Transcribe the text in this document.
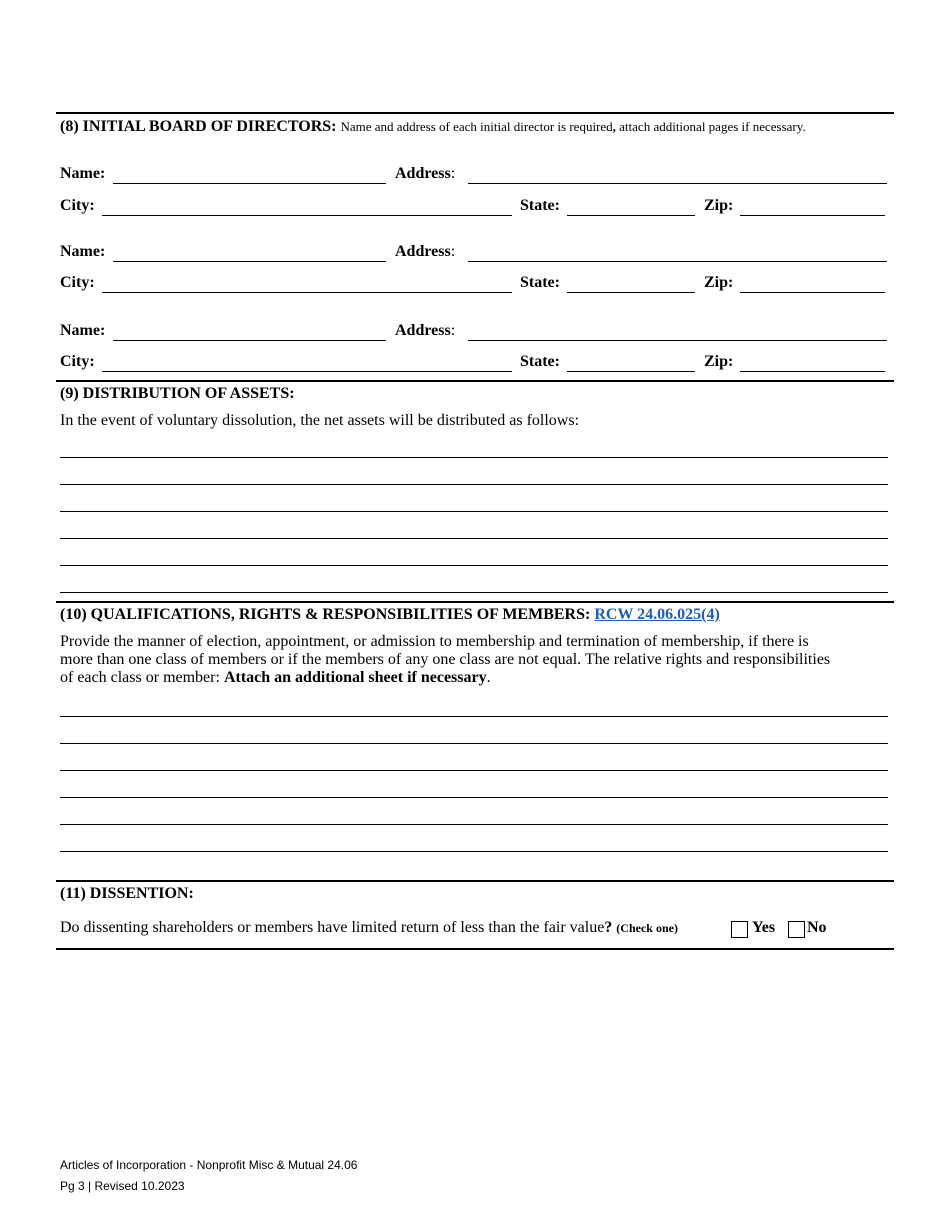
(8) INITIAL BOARD OF DIRECTORS: Name and address of each initial director is required, attach additional pages if necessary.
Name:	Address:
City:	State:	Zip:
Name:	Address:
City:	State:	Zip:
Name:	Address:
City:	State:	Zip:
(9) DISTRIBUTION OF ASSETS:
In the event of voluntary dissolution, the net assets will be distributed as follows:
(10) QUALIFICATIONS, RIGHTS & RESPONSIBILITIES OF MEMBERS: RCW 24.06.025(4)
Provide the manner of election, appointment, or admission to membership and termination of membership, if there is
more than one class of members or if the members of any one class are not equal. The relative rights and responsibilities
of each class or member: Attach an additional sheet if necessary.
(11) DISSENTION:
Do dissenting shareholders or members have limited return of less than the fair value? (Check one)	Yes No
Articles of Incorporation - Nonprofit Misc & Mutual 24.06
Pg 3 | Revised 10.2023
